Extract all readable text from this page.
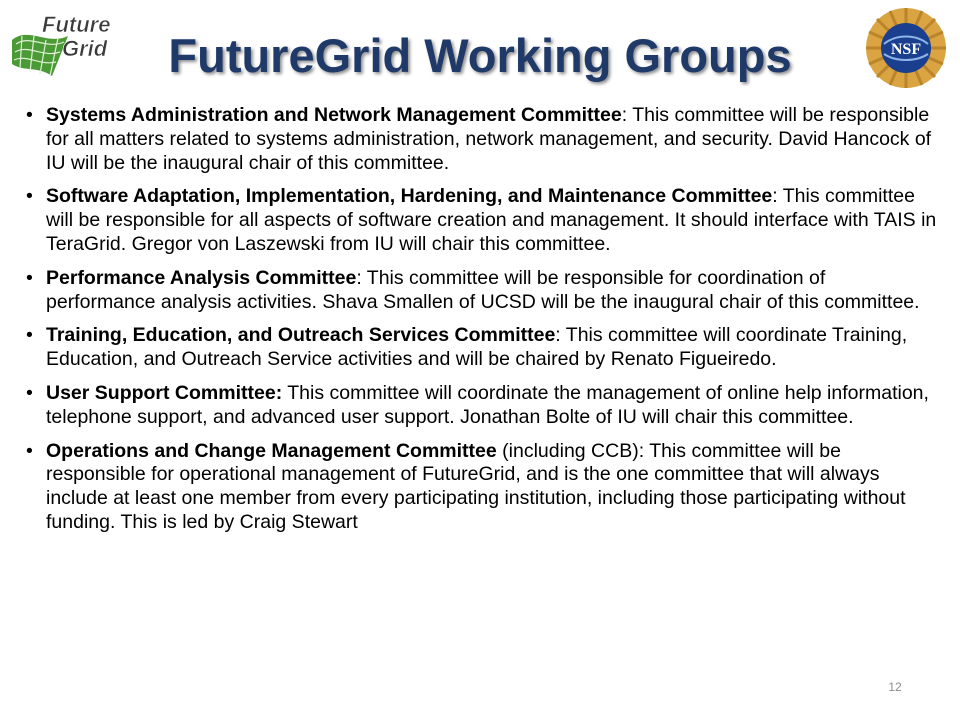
Future
Grid	FutureGrid Working Groups	NSF
• Systems Administration and Network Management Committee: This committee will be responsible for all matters related to systems administration, network management, and security. David Hancock of IU will be the inaugural chair of this committee.
• Software Adaptation, Implementation, Hardening, and Maintenance Committee: This committee will be responsible for all aspects of software creation and management. It should interface with TAIS in TeraGrid. Gregor von Laszewski from IU will chair this committee.
• Performance Analysis Committee: This committee will be responsible for coordination of performance analysis activities. Shava Smallen of UCSD will be the inaugural chair of this committee.
• Training, Education, and Outreach Services Committee: This committee will coordinate Training, Education, and Outreach Service activities and will be chaired by Renato Figueiredo.
• User Support Committee: This committee will coordinate the management of online help information, telephone support, and advanced user support. Jonathan Bolte of IU will chair this committee.
• Operations and Change Management Committee (including CCB): This committee will be responsible for operational management of FutureGrid, and is the one committee that will always include at least one member from every participating institution, including those participating without funding. This is led by Craig Stewart
12
